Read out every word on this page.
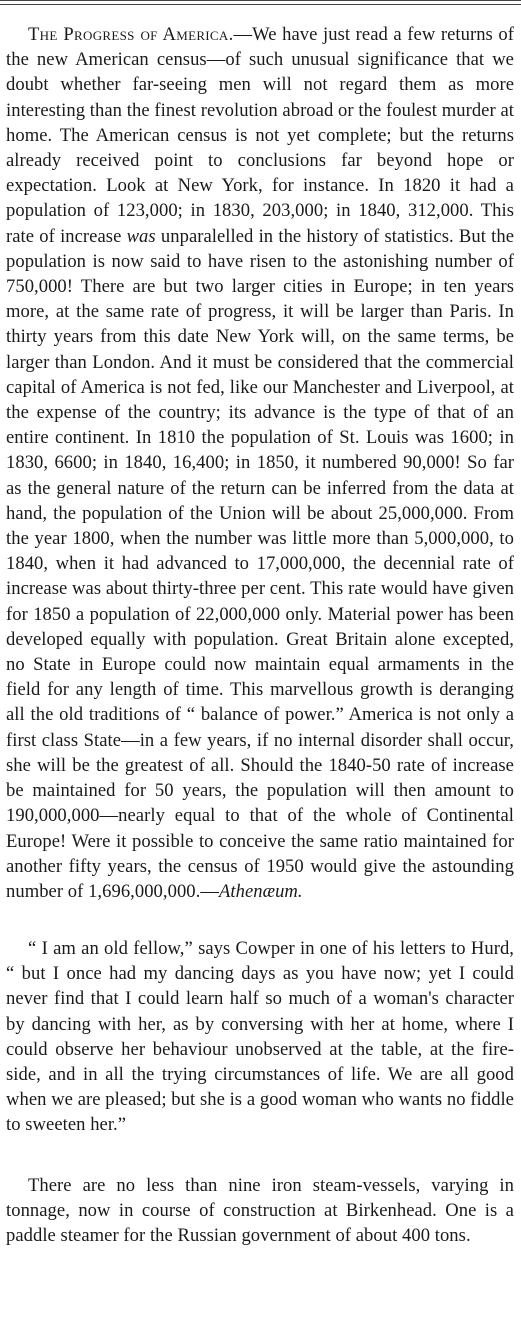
The Progress of America.—We have just read a few returns of the new American census—of such unusual significance that we doubt whether far-seeing men will not regard them as more interesting than the finest revolution abroad or the foulest murder at home. The American census is not yet complete; but the returns already received point to conclusions far beyond hope or expectation. Look at New York, for instance. In 1820 it had a population of 123,000; in 1830, 203,000; in 1840, 312,000. This rate of increase was unparalelled in the history of statistics. But the population is now said to have risen to the astonishing number of 750,000! There are but two larger cities in Europe; in ten years more, at the same rate of progress, it will be larger than Paris. In thirty years from this date New York will, on the same terms, be larger than London. And it must be considered that the commercial capital of America is not fed, like our Manchester and Liverpool, at the expense of the country; its advance is the type of that of an entire continent. In 1810 the population of St. Louis was 1600; in 1830, 6600; in 1840, 16,400; in 1850, it numbered 90,000! So far as the general nature of the return can be inferred from the data at hand, the population of the Union will be about 25,000,000. From the year 1800, when the number was little more than 5,000,000, to 1840, when it had advanced to 17,000,000, the decennial rate of increase was about thirty-three per cent. This rate would have given for 1850 a population of 22,000,000 only. Material power has been developed equally with population. Great Britain alone excepted, no State in Europe could now maintain equal armaments in the field for any length of time. This marvellous growth is deranging all the old traditions of “ balance of power.” America is not only a first class State—in a few years, if no internal disorder shall occur, she will be the greatest of all. Should the 1840-50 rate of increase be maintained for 50 years, the population will then amount to 190,000,000—nearly equal to that of the whole of Continental Europe! Were it possible to conceive the same ratio maintained for another fifty years, the census of 1950 would give the astounding number of 1,696,000,000.—Athenæum.

“ I am an old fellow,” says Cowper in one of his letters to Hurd, “ but I once had my dancing days as you have now; yet I could never find that I could learn half so much of a woman's character by dancing with her, as by conversing with her at home, where I could observe her behaviour unobserved at the table, at the fire-side, and in all the trying circumstances of life. We are all good when we are pleased; but she is a good woman who wants no fiddle to sweeten her.”

There are no less than nine iron steam-vessels, varying in tonnage, now in course of construction at Birkenhead. One is a paddle steamer for the Russian government of about 400 tons.
